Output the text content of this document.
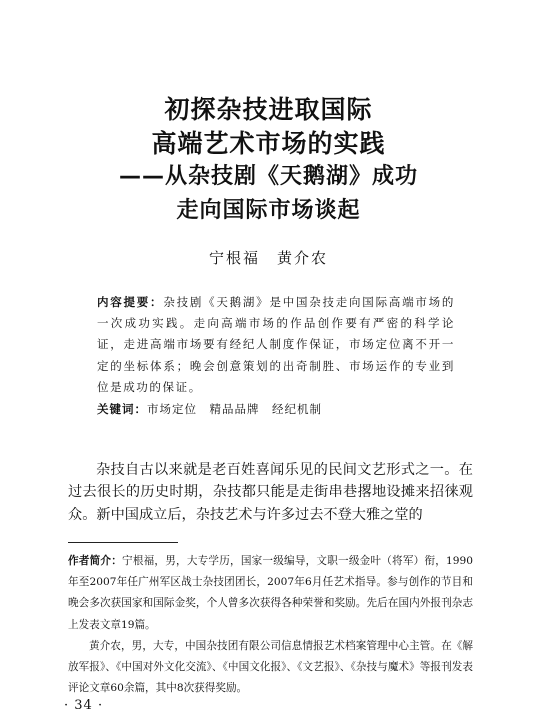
初探杂技进取国际
高端艺术市场的实践
——从杂技剧《天鹅湖》成功
走向国际市场谈起
宁根福　黄介农
内容提要：杂技剧《天鹅湖》是中国杂技走向国际高端市场的一次成功实践。走向高端市场的作品创作要有严密的科学论证，走进高端市场要有经纪人制度作保证，市场定位离不开一定的坐标体系；晚会创意策划的出奇制胜、市场运作的专业到位是成功的保证。
关键词：市场定位　精品品牌　经纪机制

杂技自古以来就是老百姓喜闻乐见的民间文艺形式之一。在过去很长的历史时期，杂技都只能是走街串巷撂地设摊来招徕观众。新中国成立后，杂技艺术与许多过去不登大雅之堂的

作者简介：宁根福，男，大专学历，国家一级编导，文职一级金叶（将军）衔，1990年至2007年任广州军区战士杂技团团长，2007年6月任艺术指导。参与创作的节目和晚会多次获国家和国际金奖，个人曾多次获得各种荣誉和奖励。先后在国内外报刊杂志上发表文章19篇。

黄介农，男，大专，中国杂技团有限公司信息情报艺术档案管理中心主管。在《解放军报》、《中国对外文化交流》、《中国文化报》、《文艺报》、《杂技与魔术》等报刊发表评论文章60余篇，其中8次获得奖励。

· 34 ·
